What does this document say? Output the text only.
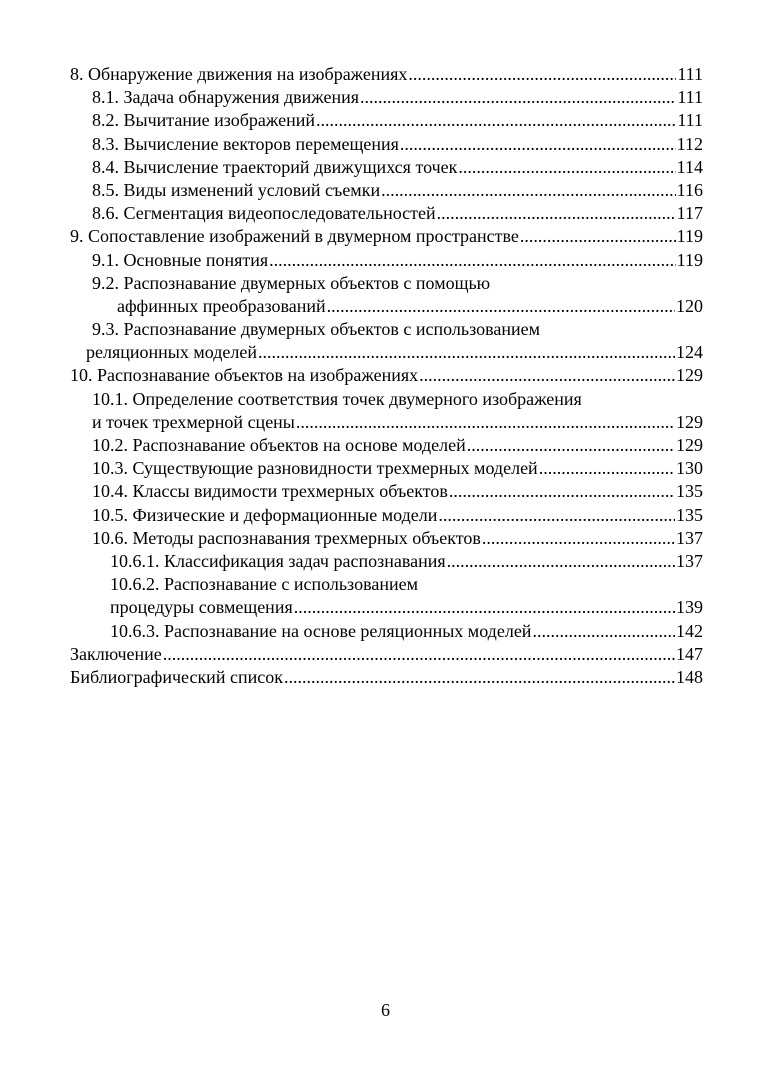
8. Обнаружение движения на изображениях .....	111
8.1. Задача обнаружения движения .....	111
8.2. Вычитание изображений .....	111
8.3. Вычисление векторов перемещения .....	112
8.4. Вычисление траекторий движущихся точек .....	114
8.5. Виды изменений условий съемки .....	116
8.6. Сегментация видеопоследовательностей .....	117
9. Сопоставление изображений в двумерном пространстве .....	119
9.1. Основные понятия .....	119
9.2. Распознавание двумерных объектов с помощью
аффинных преобразований .....	120
9.3. Распознавание двумерных объектов с использованием
реляционных моделей .....	124
10. Распознавание объектов на изображениях .....	129
10.1. Определение соответствия точек двумерного изображения
и точек трехмерной сцены .....	129
10.2. Распознавание объектов на основе моделей .....	129
10.3. Существующие разновидности трехмерных моделей .....	130
10.4. Классы видимости трехмерных объектов .....	135
10.5. Физические и деформационные модели .....	135
10.6. Методы распознавания трехмерных объектов .....	137
10.6.1. Классификация задач распознавания .....	137
10.6.2. Распознавание с использованием
процедуры совмещения .....	139
10.6.3. Распознавание на основе реляционных моделей .....	142
Заключение .....	147
Библиографический список .....	148
6
